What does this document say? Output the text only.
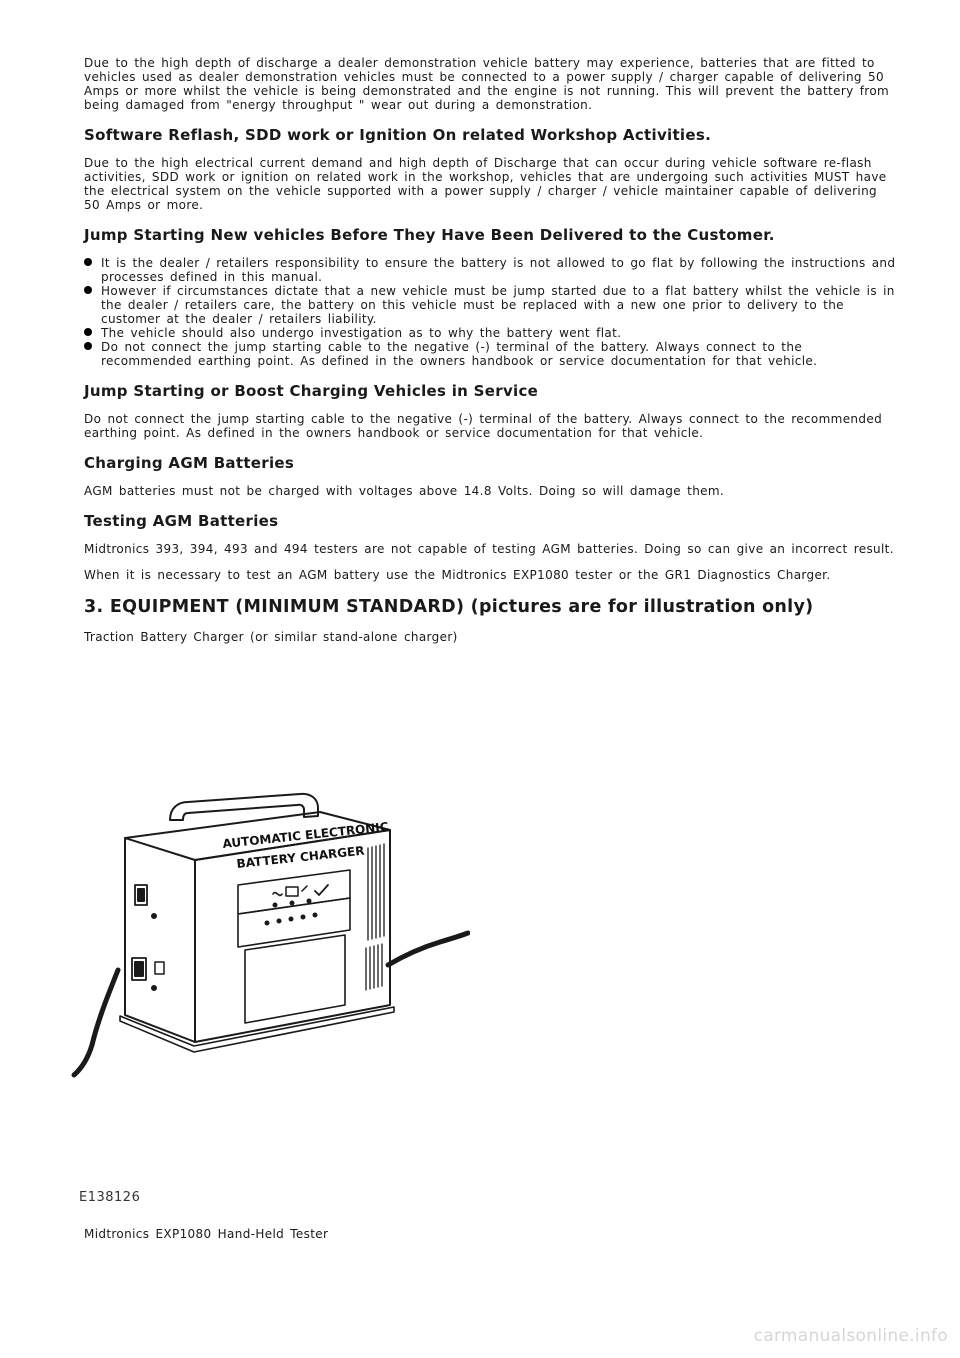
Due to the high depth of discharge a dealer demonstration vehicle battery may experience, batteries that are fitted to vehicles used as dealer demonstration vehicles must be connected to a power supply / charger capable of delivering 50 Amps or more whilst the vehicle is being demonstrated and the engine is not running. This will prevent the battery from being damaged from "energy throughput " wear out during a demonstration.

Software Reflash, SDD work or Ignition On related Workshop Activities.

Due to the high electrical current demand and high depth of Discharge that can occur during vehicle software re-flash activities, SDD work or ignition on related work in the workshop, vehicles that are undergoing such activities MUST have the electrical system on the vehicle supported with a power supply / charger / vehicle maintainer capable of delivering 50 Amps or more.

Jump Starting New vehicles Before They Have Been Delivered to the Customer.
It is the dealer / retailers responsibility to ensure the battery is not allowed to go flat by following the instructions and processes defined in this manual.
However if circumstances dictate that a new vehicle must be jump started due to a flat battery whilst the vehicle is in the dealer / retailers care, the battery on this vehicle must be replaced with a new one prior to delivery to the customer at the dealer / retailers liability.
The vehicle should also undergo investigation as to why the battery went flat.
Do not connect the jump starting cable to the negative (-) terminal of the battery. Always connect to the recommended earthing point. As defined in the owners handbook or service documentation for that vehicle.
Jump Starting or Boost Charging Vehicles in Service

Do not connect the jump starting cable to the negative (-) terminal of the battery. Always connect to the recommended earthing point. As defined in the owners handbook or service documentation for that vehicle.

Charging AGM Batteries

AGM batteries must not be charged with voltages above 14.8 Volts. Doing so will damage them.

Testing AGM Batteries

Midtronics 393, 394, 493 and 494 testers are not capable of testing AGM batteries. Doing so can give an incorrect result.

When it is necessary to test an AGM battery use the Midtronics EXP1080 tester or the GR1 Diagnostics Charger.

3. EQUIPMENT (MINIMUM STANDARD) (pictures are for illustration only)

Traction Battery Charger (or similar stand-alone charger)

AUTOMATIC ELECTRONIC
BATTERY CHARGER
E138126

Midtronics EXP1080 Hand-Held Tester

carmanualsonline.info
